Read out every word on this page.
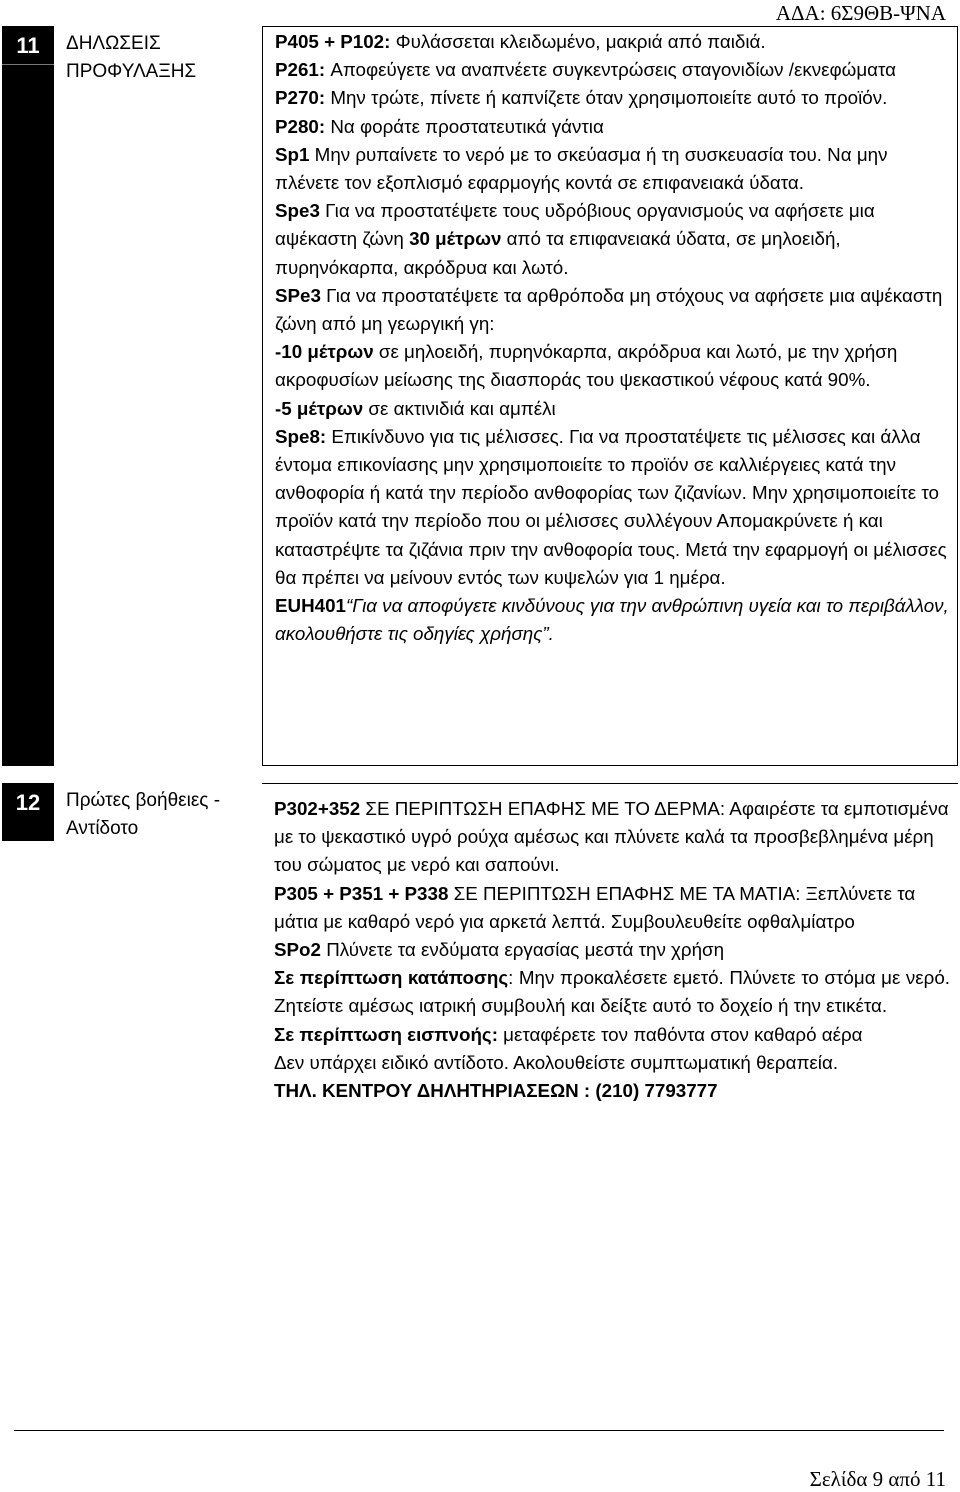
ΑΔΑ: 6Σ9ΘΒ-ΨΝΑ
11	ΔΗΛΩΣΕΙΣ ΠΡΟΦΥΛΑΞΗΣ

P405 + P102: Φυλάσσεται κλειδωμένο, μακριά από παιδιά.

P261: Αποφεύγετε να αναπνέετε συγκεντρώσεις σταγονιδίων /εκνεφώματα

P270: Μην τρώτε, πίνετε ή καπνίζετε όταν χρησιμοποιείτε αυτό το προϊόν.

P280: Να φοράτε προστατευτικά γάντια

Sp1 Μην ρυπαίνετε το νερό με το σκεύασμα ή τη συσκευασία του. Να μην πλένετε τον εξοπλισμό εφαρμογής κοντά σε επιφανειακά ύδατα.

Spe3 Για να προστατέψετε τους υδρόβιους οργανισμούς να αφήσετε μια αψέκαστη ζώνη 30 μέτρων από τα επιφανειακά ύδατα, σε μηλοειδή, πυρηνόκαρπα, ακρόδρυα και λωτό.

SPe3 Για να προστατέψετε τα αρθρόποδα μη στόχους να αφήσετε μια αψέκαστη ζώνη από μη γεωργική γη:

-10 μέτρων σε μηλοειδή, πυρηνόκαρπα, ακρόδρυα και λωτό, με την χρήση ακροφυσίων μείωσης της διασποράς του ψεκαστικού νέφους κατά 90%.

-5 μέτρων σε ακτινιδιά και αμπέλι

Spe8: Επικίνδυνο για τις μέλισσες. Για να προστατέψετε τις μέλισσες και άλλα έντομα επικονίασης μην χρησιμοποιείτε το προϊόν σε καλλιέργειες κατά την ανθοφορία ή κατά την περίοδο ανθοφορίας των ζιζανίων. Μην χρησιμοποιείτε το προϊόν κατά την περίοδο που οι μέλισσες συλλέγουν Απομακρύνετε ή και καταστρέψτε τα ζιζάνια πριν την ανθοφορία τους. Μετά την εφαρμογή οι μέλισσες θα πρέπει να μείνουν εντός των κυψελών για 1 ημέρα.

EUH401“Για να αποφύγετε κινδύνους για την ανθρώπινη υγεία και το περιβάλλον, ακολουθήστε τις οδηγίες χρήσης”.

12	Πρώτες βοήθειες - Αντίδοτο

P302+352 ΣΕ ΠΕΡΙΠΤΩΣΗ ΕΠΑΦΗΣ ΜΕ ΤΟ ΔΕΡΜΑ: Αφαιρέστε τα εμποτισμένα με το ψεκαστικό υγρό ρούχα αμέσως και πλύνετε καλά τα προσβεβλημένα μέρη του σώματος με νερό και σαπούνι.

P305 + P351 + P338 ΣΕ ΠΕΡΙΠΤΩΣΗ ΕΠΑΦΗΣ ΜΕ ΤΑ ΜΑΤΙΑ: Ξεπλύνετε τα μάτια με καθαρό νερό για αρκετά λεπτά. Συμβουλευθείτε οφθαλμίατρο

SPo2 Πλύνετε τα ενδύματα εργασίας μεστά την χρήση

Σε περίπτωση κατάποσης: Μην προκαλέσετε εμετό. Πλύνετε το στόμα με νερό. Ζητείστε αμέσως ιατρική συμβουλή και δείξτε αυτό το δοχείο ή την ετικέτα.

Σε περίπτωση εισπνοής: μεταφέρετε τον παθόντα στον καθαρό αέρα

Δεν υπάρχει ειδικό αντίδοτο. Ακολουθείστε συμπτωματική θεραπεία.

ΤΗΛ. ΚΕΝΤΡΟΥ ΔΗΛΗΤΗΡΙΑΣΕΩΝ : (210) 7793777

Σελίδα 9 από 11
